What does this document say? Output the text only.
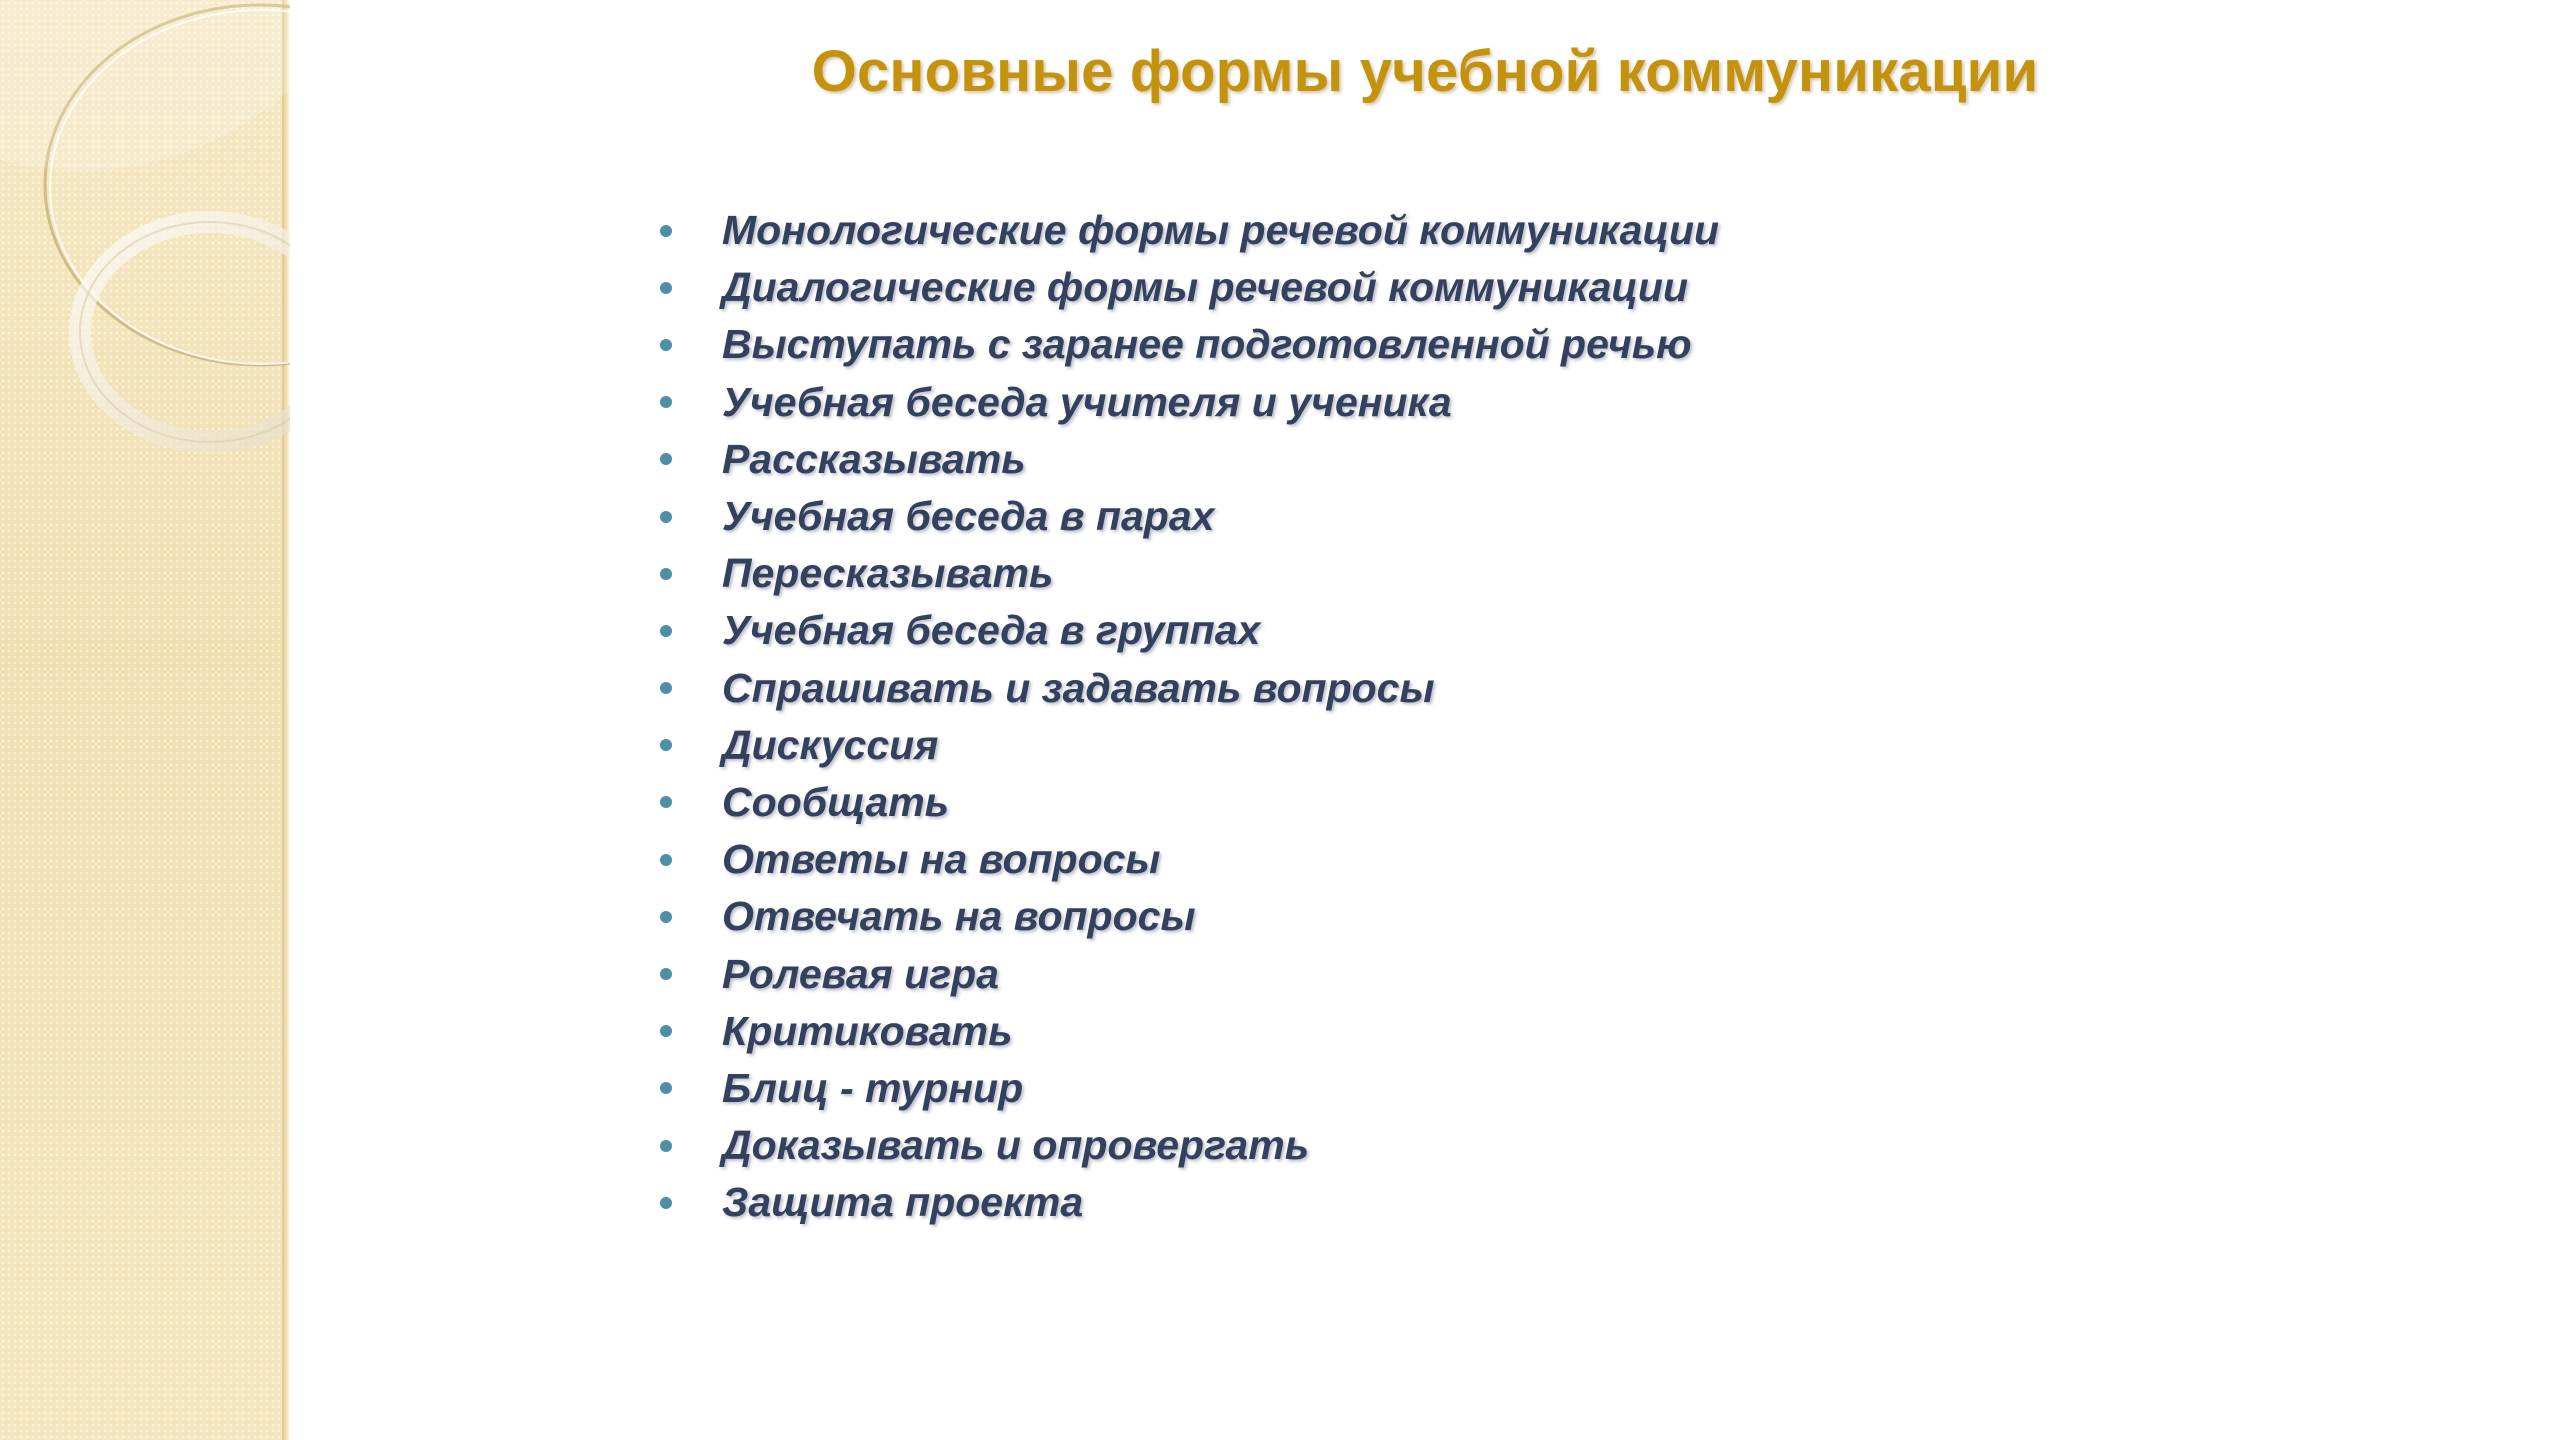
Основные формы учебной коммуникации
Монологические формы речевой коммуникации
Диалогические формы речевой коммуникации
Выступать с заранее подготовленной речью
Учебная беседа учителя и ученика
Рассказывать
Учебная беседа в парах
Пересказывать
Учебная беседа в группах
Спрашивать и задавать вопросы
Дискуссия
Сообщать
Ответы на вопросы
Отвечать на вопросы
Ролевая игра
Критиковать
Блиц - турнир
Доказывать и опровергать
Защита проекта
